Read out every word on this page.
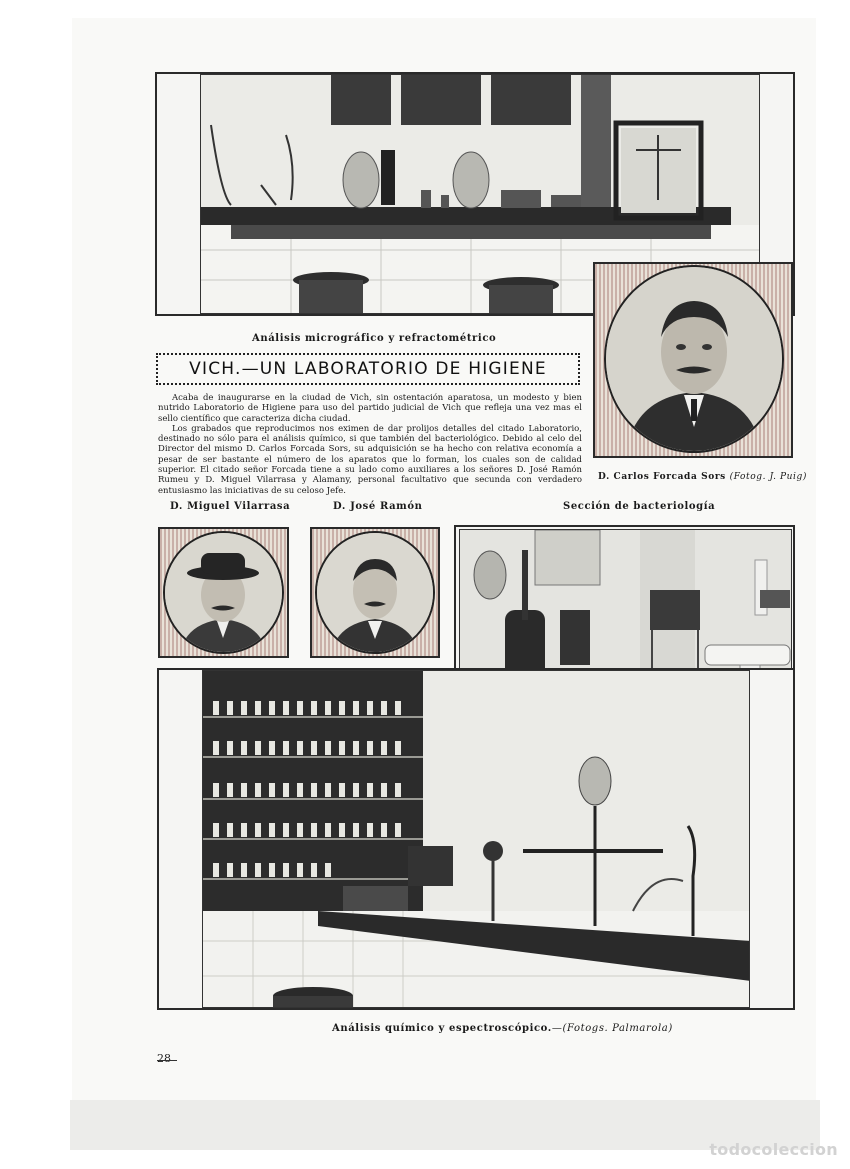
Análisis micrográfico y refractométrico
D. Carlos Forcada Sors (Fotog. J. Puig)
VICH.—UN LABORATORIO DE HIGIENE

Acaba de inaugurarse en la ciudad de Vich, sin ostentación aparatosa, un modesto y bien nutrido Laboratorio de Higiene para uso del partido judicial de Vich que refleja una vez mas el sello científico que caracteriza dicha ciudad.

Los grabados que reproducimos nos eximen de dar prolijos detalles del citado Laboratorio, destinado no sólo para el análisis químico, si que también del bacteriológico. Debido al celo del Director del mismo D. Carlos Forcada Sors, su adquisición se ha hecho con relativa economía a pesar de ser bastante el número de los aparatos que lo forman, los cuales son de calidad superior. El citado señor Forcada tiene a su lado como auxiliares a los señores D. José Ramón Rumeu y D. Miguel Vilarrasa y Alamany, personal facultativo que secunda con verdadero entusiasmo las iniciativas de su celoso Jefe.

D. Miguel Vilarrasa	D. José Ramón	Sección de bacteriología
Análisis químico y espectroscópico.—(Fotogs. Palmarola)
28
todocoleccion
